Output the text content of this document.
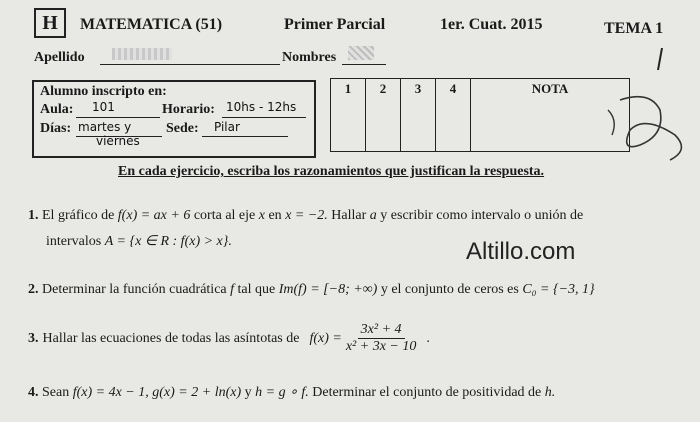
H	MATEMATICA (51)	Primer Parcial	1er. Cuat. 2015	TEMA 1
Apellido	Nombres
Alumno inscripto en:
Aula: 101	Horario: 10hs - 12hs
Días: martes y
viernes
Sede: Pilar
1	2	3	4	NOTA
En cada ejercicio, escriba los razonamientos que justifican la respuesta.
1. El gráfico de f(x) = ax + 6 corta al eje x en x = −2. Hallar a y escribir como intervalo o unión de
intervalos A = {x ∈ R : f(x) > x}.	Altillo.com
2. Determinar la función cuadrática f tal que Im(f) = [−8; +∞) y el conjunto de ceros es C₀ = {−3, 1}
3. Hallar las ecuaciones de todas las asíntotas de $f(x) = \frac{\text{3x² + 4}}{\text{x² + 3x − 10}}$ .
4. Sean f(x) = 4x − 1, g(x) = 2 + ln(x) y h = g ∘ f. Determinar el conjunto de positividad de h.
